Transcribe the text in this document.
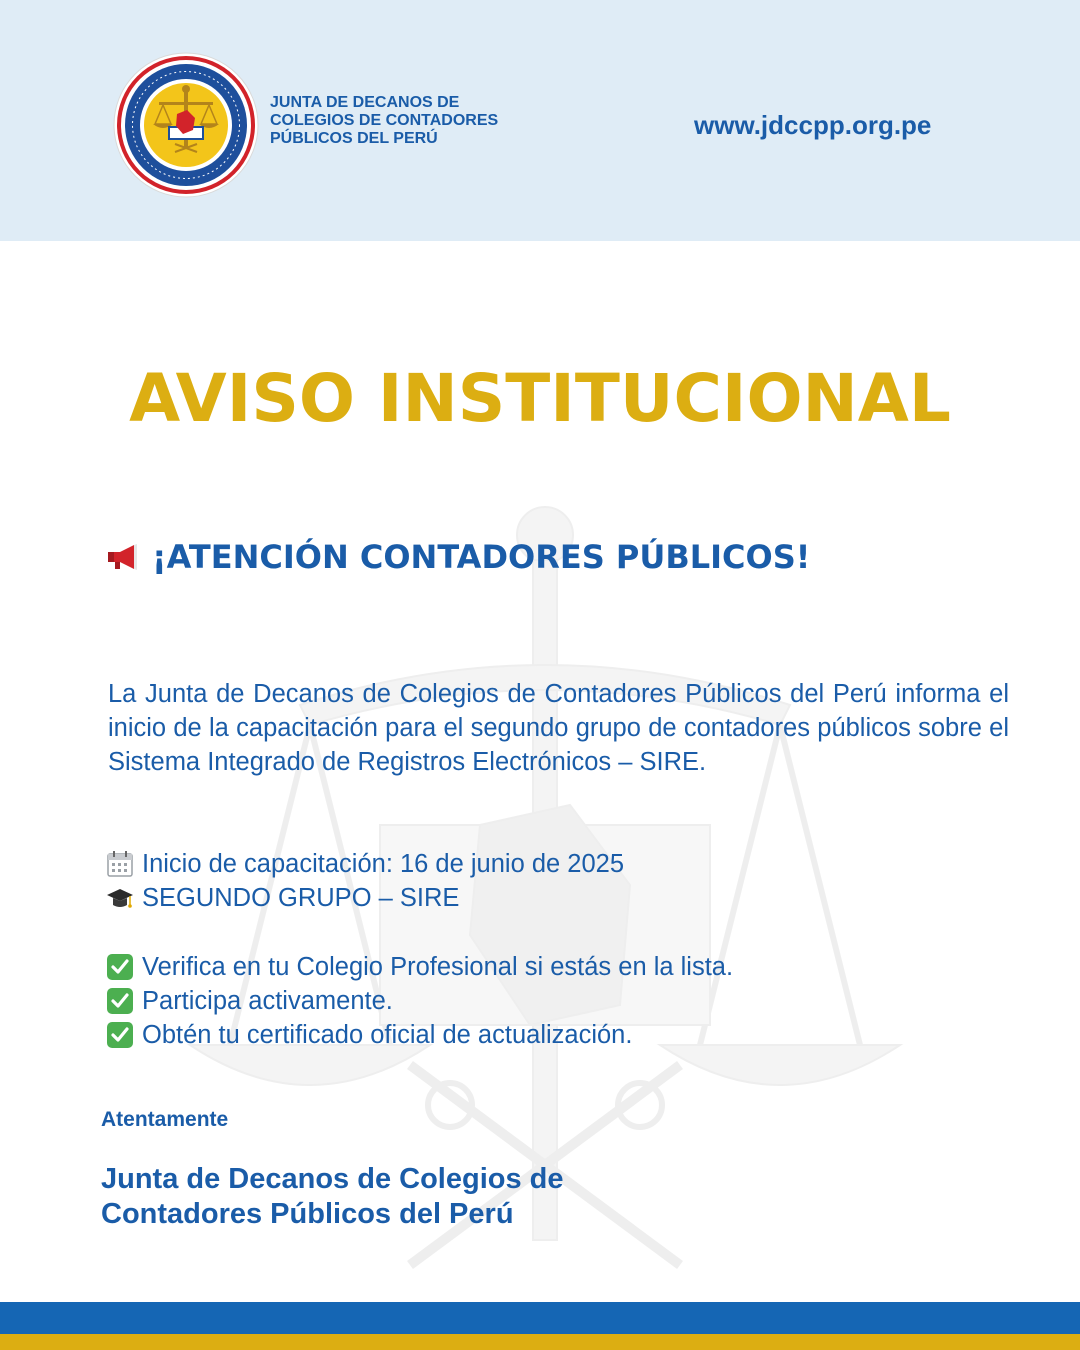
JUNTA DE DECANOS DE
COLEGIOS DE CONTADORES
PÚBLICOS DEL PERÚ	www.jdccpp.org.pe
AVISO INSTITUCIONAL
¡ATENCIÓN CONTADORES PÚBLICOS!
La Junta de Decanos de Colegios de Contadores Públicos del Perú informa el inicio de la capacitación para el segundo grupo de contadores públicos sobre el Sistema Integrado de Registros Electrónicos – SIRE.
Inicio de capacitación: 16 de junio de 2025
SEGUNDO GRUPO – SIRE
Verifica en tu Colegio Profesional si estás en la lista.
Participa activamente.
Obtén tu certificado oficial de actualización.
Atentamente
Junta de Decanos de Colegios de
Contadores Públicos del Perú
